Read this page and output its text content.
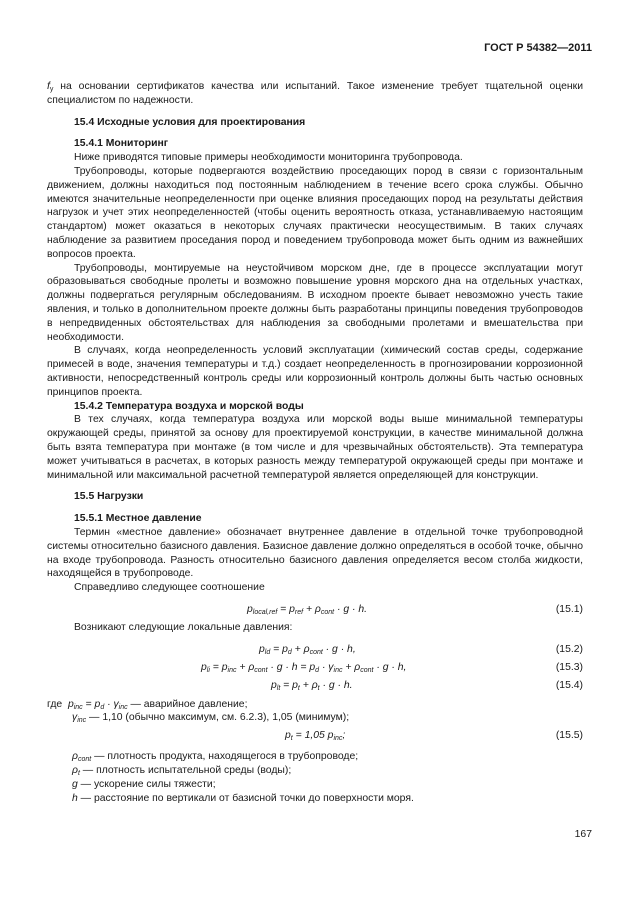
ГОСТ Р 54382—2011

$f_y$ на основании сертификатов качества или испытаний. Такое изменение требует тщательной оценки специалистом по надежности.

15.4 Исходные условия для проектирования
15.4.1 Мониторинг

Ниже приводятся типовые примеры необходимости мониторинга трубопровода.

Трубопроводы, которые подвергаются воздействию проседающих пород в связи с горизонтальным движением, должны находиться под постоянным наблюдением в течение всего срока службы. Обычно имеются значительные неопределенности при оценке влияния проседающих пород на результаты действия нагрузок и учет этих неопределенностей (чтобы оценить вероятность отказа, устанавливаемую настоящим стандартом) может оказаться в некоторых случаях практически неосуществимым. В таких случаях наблюдение за развитием проседания пород и поведением трубопровода может быть одним из важнейших вопросов проекта.

Трубопроводы, монтируемые на неустойчивом морском дне, где в процессе эксплуатации могут образовываться свободные пролеты и возможно повышение уровня морского дна на отдельных участках, должны подвергаться регулярным обследованиям. В исходном проекте бывает невозможно учесть такие явления, и только в дополнительном проекте должны быть разработаны принципы поведения трубопроводов в непредвиденных обстоятельствах для наблюдения за свободными пролетами и вмешательства при необходимости.

В случаях, когда неопределенность условий эксплуатации (химический состав среды, содержание примесей в воде, значения температуры и т.д.) создает неопределенность в прогнозировании коррозионной активности, непосредственный контроль среды или коррозионный контроль должны быть частью основных принципов проекта.

15.4.2 Температура воздуха и морской воды

В тех случаях, когда температура воздуха или морской воды выше минимальной температуры окружающей среды, принятой за основу для проектируемой конструкции, в качестве минимальной должна быть взята температура при монтаже (в том числе и для чрезвычайных обстоятельств). Эта температура может учитываться в расчетах, в которых разность между температурой окружающей среды при монтаже и минимальной или максимальной расчетной температурой является определяющей для конструкции.

15.5 Нагрузки
15.5.1 Местное давление

Термин «местное давление» обозначает внутреннее давление в отдельной точке трубопроводной системы относительно базисного давления. Базисное давление должно определяться в особой точке, обычно на входе трубопровода. Разность относительно базисного давления определяется весом столба жидкости, находящейся в трубопроводе.

Справедливо следующее соотношение

$p_{local,ref} = p_{ref} + \rho_{cont} \cdot g \cdot h$.	(15.1)

Возникают следующие локальные давления:

$p_{ld} = p_d + \rho_{cont} \cdot g \cdot h$,	(15.2)
$p_{li} = p_{inc} + \rho_{cont} \cdot g \cdot h = p_d \cdot \gamma_{inc} + \rho_{cont} \cdot g \cdot h$,	(15.3)
$p_{lt} = p_t + \rho_t \cdot g \cdot h$.	(15.4)

где $p_{inc} = p_d \cdot \gamma_{inc}$ — аварийное давление;

$\gamma_{inc}$ — 1,10 (обычно максимум, см. 6.2.3), 1,05 (минимум);

$p_t = 1,05$ $p_{inc}$;	(15.5)

$\rho_{cont}$ — плотность продукта, находящегося в трубопроводе;

$\rho_t$ — плотность испытательной среды (воды);

g — ускорение силы тяжести;

h — расстояние по вертикали от базисной точки до поверхности моря.

167
